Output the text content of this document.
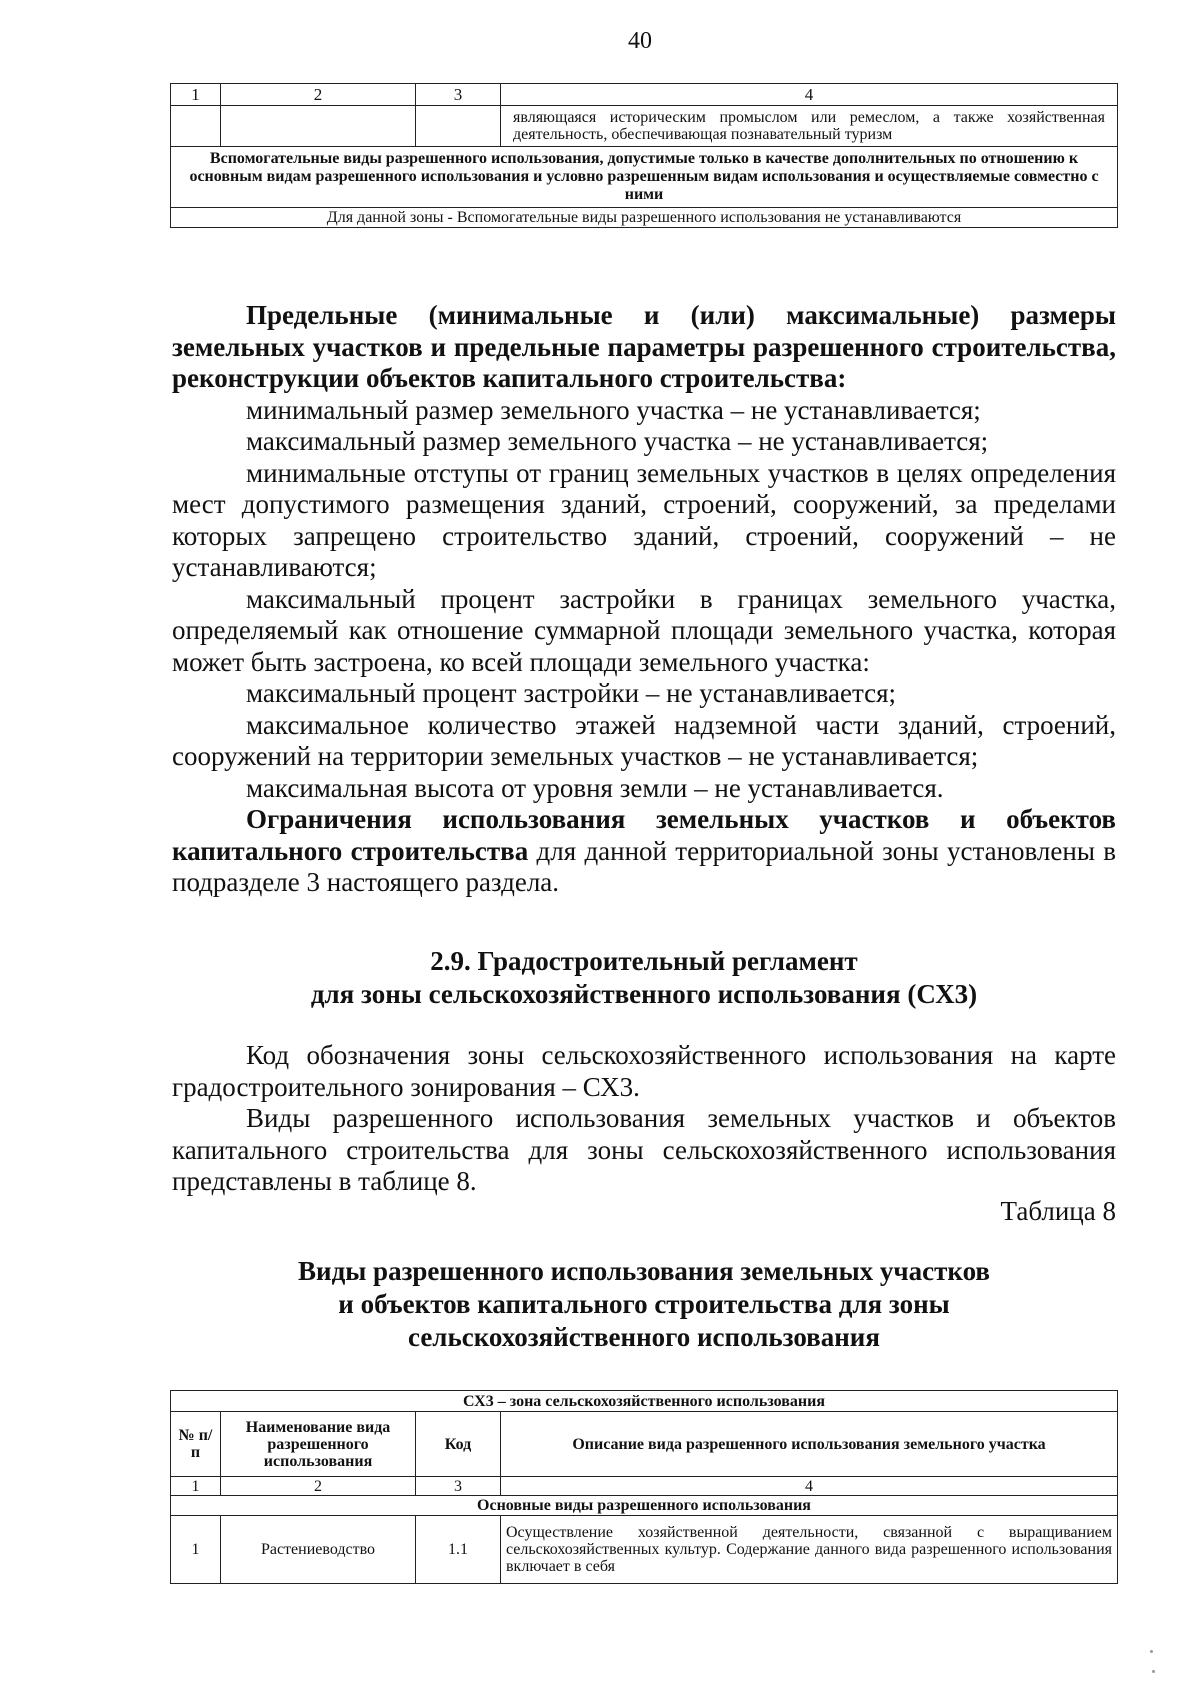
40
1	2	3	4
			являющаяся историческим промыслом или ремеслом, а также хозяйственная деятельность, обеспечивающая познавательный туризм
Вспомогательные виды разрешенного использования, допустимые только в качестве дополнительных по отношению к основным видам разрешенного использования и условно разрешенным видам использования и осуществляемые совместно с ними			
Для данной зоны - Вспомогательные виды разрешенного использования не устанавливаются			

Предельные (минимальные и (или) максимальные) размеры земельных участков и предельные параметры разрешенного строительства, реконструкции объектов капитального строительства:

минимальный размер земельного участка – не устанавливается;

максимальный размер земельного участка – не устанавливается;

минимальные отступы от границ земельных участков в целях определения мест допустимого размещения зданий, строений, сооружений, за пределами которых запрещено строительство зданий, строений, сооружений – не устанавливаются;

максимальный процент застройки в границах земельного участка, определяемый как отношение суммарной площади земельного участка, которая может быть застроена, ко всей площади земельного участка:

максимальный процент застройки – не устанавливается;

максимальное количество этажей надземной части зданий, строений, сооружений на территории земельных участков – не устанавливается;

максимальная высота от уровня земли – не устанавливается.

Ограничения использования земельных участков и объектов капитального строительства для данной территориальной зоны установлены в подразделе 3 настоящего раздела.

2.9. Градостроительный регламент
для зоны сельскохозяйственного использования (СХ3)

Код обозначения зоны сельскохозяйственного использования на карте градостроительного зонирования – СХ3.

Виды разрешенного использования земельных участков и объектов капитального строительства для зоны сельскохозяйственного использования представлены в таблице 8.

Таблица 8
Виды разрешенного использования земельных участков
и объектов капитального строительства для зоны
сельскохозяйственного использования
СХ3 – зона сельскохозяйственного использования			
№ п/п	Наименование вида разрешенного использования	Код	Описание вида разрешенного использования земельного участка
1	2	3	4
Основные виды разрешенного использования			
1	Растениеводство	1.1	Осуществление хозяйственной деятельности, связанной с выращиванием сельскохозяйственных культур. Содержание данного вида разрешенного использования включает в себя
